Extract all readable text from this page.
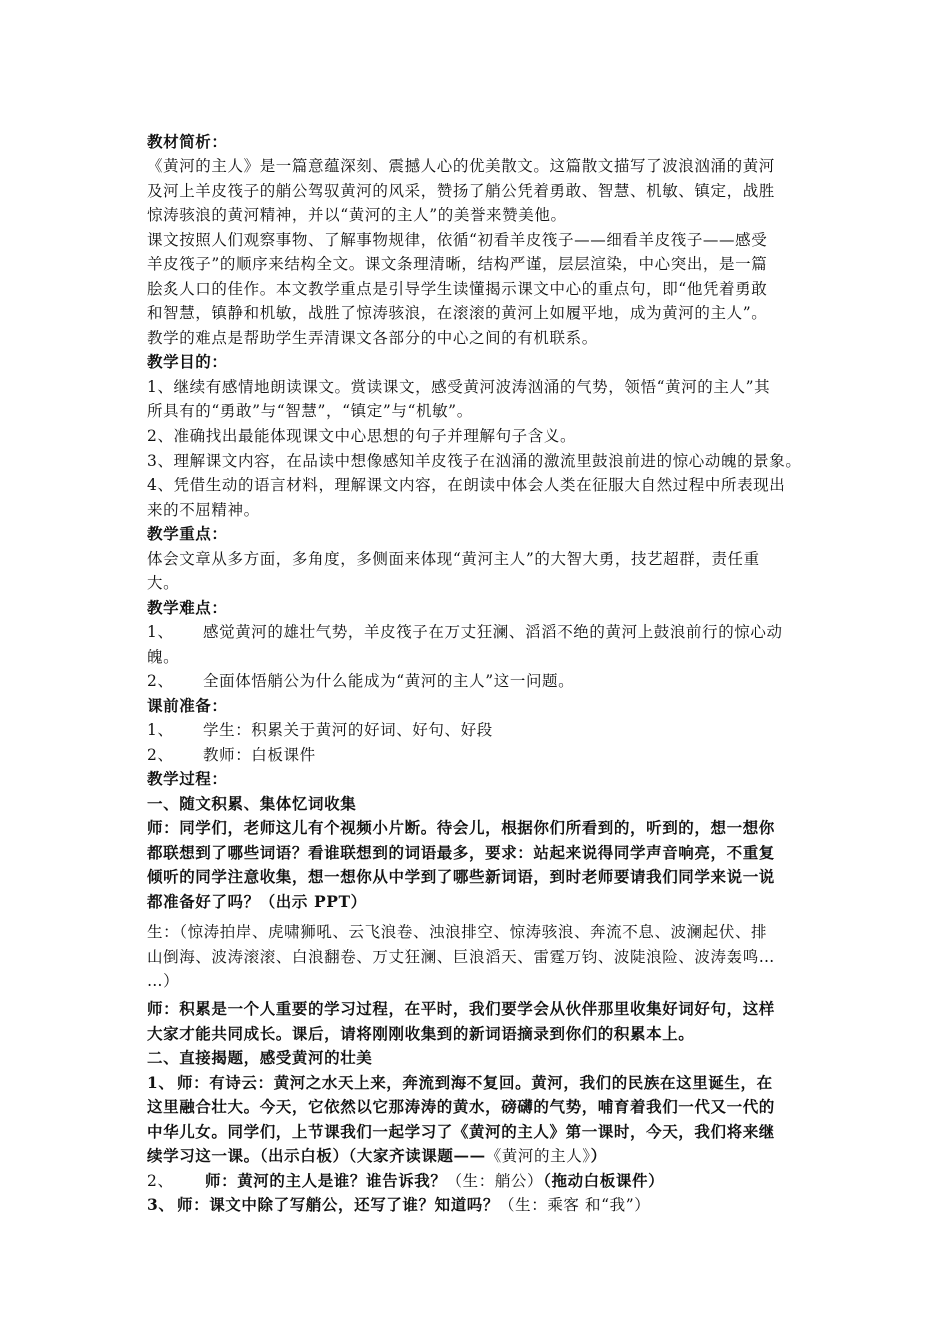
教材简析：
《黄河的主人》是一篇意蕴深刻、震撼人心的优美散文。这篇散文描写了波浪汹涌的黄河
及河上羊皮筏子的艄公驾驭黄河的风采，赞扬了艄公凭着勇敢、智慧、机敏、镇定，战胜
惊涛骇浪的黄河精神，并以“黄河的主人”的美誉来赞美他。
课文按照人们观察事物、了解事物规律，依循“初看羊皮筏子——细看羊皮筏子——感受
羊皮筏子”的顺序来结构全文。课文条理清晰，结构严谨，层层渲染，中心突出，是一篇
脍炙人口的佳作。本文教学重点是引导学生读懂揭示课文中心的重点句，即“他凭着勇敢
和智慧，镇静和机敏，战胜了惊涛骇浪，在滚滚的黄河上如履平地，成为黄河的主人”。
教学的难点是帮助学生弄清课文各部分的中心之间的有机联系。
教学目的：
1、继续有感情地朗读课文。赏读课文，感受黄河波涛汹涌的气势，领悟“黄河的主人”其
所具有的“勇敢”与“智慧”，“镇定”与“机敏”。
2、准确找出最能体现课文中心思想的句子并理解句子含义。
3、理解课文内容，在品读中想像感知羊皮筏子在汹涌的激流里鼓浪前进的惊心动魄的景象。
4、凭借生动的语言材料，理解课文内容，在朗读中体会人类在征服大自然过程中所表现出
来的不屈精神。
教学重点：
体会文章从多方面，多角度，多侧面来体现“黄河主人”的大智大勇，技艺超群，责任重
大。
教学难点：
1、 感觉黄河的雄壮气势，羊皮筏子在万丈狂澜、滔滔不绝的黄河上鼓浪前行的惊心动
魄。
2、 全面体悟艄公为什么能成为“黄河的主人”这一问题。
课前准备：
1、 学生：积累关于黄河的好词、好句、好段
2、 教师：白板课件
教学过程：
一、随文积累、集体忆词收集
师：同学们，老师这儿有个视频小片断。待会儿，根据你们所看到的，听到的，想一想你
都联想到了哪些词语？看谁联想到的词语最多，要求：站起来说得同学声音响亮，不重复
倾听的同学注意收集，想一想你从中学到了哪些新词语，到时老师要请我们同学来说一说
都准备好了吗？（出示 PPT）
生：（惊涛拍岸、虎啸狮吼、云飞浪卷、浊浪排空、惊涛骇浪、奔流不息、波澜起伏、排
山倒海、波涛滚滚、白浪翻卷、万丈狂澜、巨浪滔天、雷霆万钧、波陡浪险、波涛轰鸣…
…）
师：积累是一个人重要的学习过程，在平时，我们要学会从伙伴那里收集好词好句，这样
大家才能共同成长。课后，请将刚刚收集到的新词语摘录到你们的积累本上。
二、直接揭题，感受黄河的壮美
1、 师：有诗云：黄河之水天上来，奔流到海不复回。黄河，我们的民族在这里诞生，在
这里融合壮大。今天，它依然以它那涛涛的黄水，磅礴的气势，哺育着我们一代又一代的
中华儿女。同学们，上节课我们一起学习了《黄河的主人》第一课时，今天，我们将来继
续学习这一课。（出示白板）（大家齐读课题——《黄河的主人》）
2、 师：黄河的主人是谁？谁告诉我？（生：艄公）（拖动白板课件）
3、 师：课文中除了写艄公，还写了谁？知道吗？（生：乘客 和“我”）
